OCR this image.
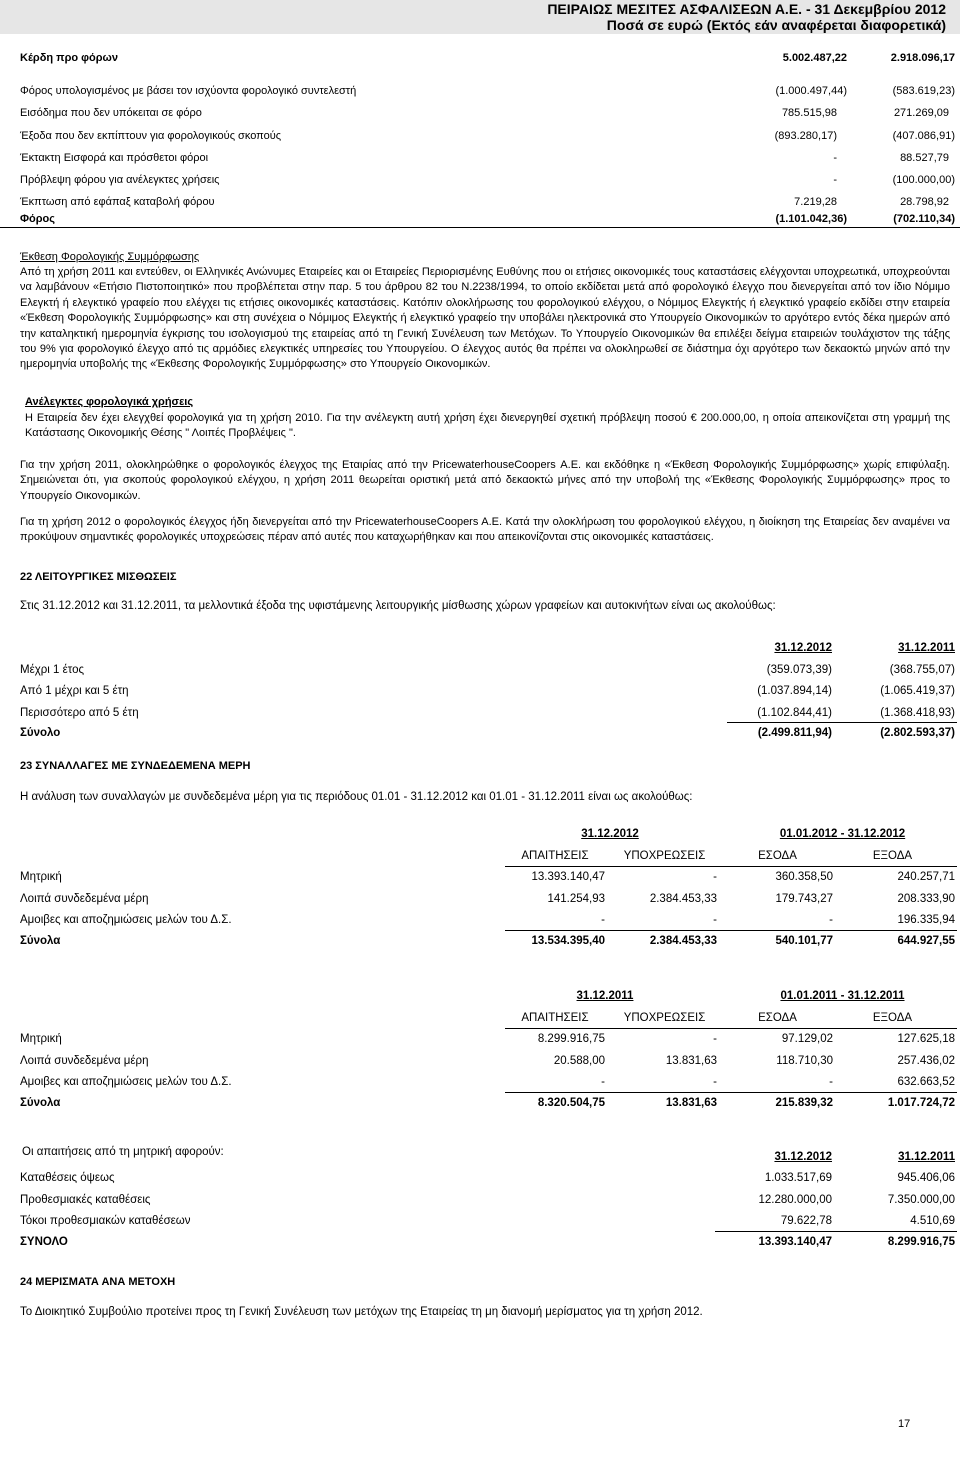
ΠΕΙΡΑΙΩΣ ΜΕΣΙΤΕΣ ΑΣΦΑΛΙΣΕΩΝ Α.Ε. - 31 Δεκεμβρίου 2012
Ποσά σε ευρώ (Εκτός εάν αναφέρεται διαφορετικά)
Κέρδη προ φόρων	5.002.487,22	2.918.096,17
Φόρος υπολογισμένος με βάσει τον ισχύοντα φορολογικό συντελεστή	(1.000.497,44)	(583.619,23)
Εισόδημα που δεν υπόκειται σε φόρο	785.515,98	271.269,09
Έξοδα που δεν εκπίπτουν για φορολογικούς σκοπούς	(893.280,17)	(407.086,91)
Έκτακτη Εισφορά και πρόσθετοι φόροι	-	88.527,79
Πρόβλεψη φόρου για ανέλεγκτες χρήσεις	-	(100.000,00)
Έκπτωση από εφάπαξ καταβολή φόρου	7.219,28	28.798,92
Φόρος	(1.101.042,36)	(702.110,34)
Έκθεση Φορολογικής Συμμόρφωσης
Από τη χρήση 2011 και εντεύθεν, οι Ελληνικές Ανώνυμες Εταιρείες και οι Εταιρείες Περιορισμένης Ευθύνης που οι ετήσιες οικονομικές τους καταστάσεις ελέγχονται υποχρεωτικά, υποχρεούνται να λαμβάνουν «Ετήσιο Πιστοποιητικό» που προβλέπεται στην παρ. 5 του άρθρου 82 του Ν.2238/1994, το οποίο εκδίδεται μετά από φορολογικό έλεγχο που διενεργείται από τον ίδιο Νόμιμο Ελεγκτή ή ελεγκτικό γραφείο που ελέγχει τις ετήσιες οικονομικές καταστάσεις. Κατόπιν ολοκλήρωσης του φορολογικού ελέγχου, ο Νόμιμος Ελεγκτής ή ελεγκτικό γραφείο εκδίδει στην εταιρεία «Έκθεση Φορολογικής Συμμόρφωσης» και στη συνέχεια ο Νόμιμος Ελεγκτής ή ελεγκτικό γραφείο την υποβάλει ηλεκτρονικά στο Υπουργείο Οικονομικών το αργότερο εντός δέκα ημερών από την καταληκτική ημερομηνία έγκρισης του ισολογισμού της εταιρείας από τη Γενική Συνέλευση των Μετόχων. Το Υπουργείο Οικονομικών θα επιλέξει δείγμα εταιρειών τουλάχιστον της τάξης του 9% για φορολογικό έλεγχο από τις αρμόδιες ελεγκτικές υπηρεσίες του Υπουργείου. Ο έλεγχος αυτός θα πρέπει να ολοκληρωθεί σε διάστημα όχι αργότερο των δεκαοκτώ μηνών από την ημερομηνία υποβολής της «Έκθεσης Φορολογικής Συμμόρφωσης» στο Υπουργείο Οικονομικών.
Ανέλεγκτες φορολογικά χρήσεις
Η Εταιρεία δεν έχει ελεγχθεί φορολογικά για τη χρήση 2010. Για την ανέλεγκτη αυτή χρήση έχει διενεργηθεί σχετική πρόβλεψη ποσού € 200.000,00, η οποία απεικονίζεται στη γραμμή της Κατάστασης Οικονομικής Θέσης " Λοιπές Προβλέψεις ".
Για την χρήση 2011, ολοκληρώθηκε ο φορολογικός έλεγχος της Εταιρίας από την PricewaterhouseCoopers Α.Ε. και εκδόθηκε η «Έκθεση Φορολογικής Συμμόρφωσης» χωρίς επιφύλαξη. Σημειώνεται ότι, για σκοπούς φορολογικού ελέγχου, η χρήση 2011 θεωρείται οριστική μετά από δεκαοκτώ μήνες από την υποβολή της «Έκθεσης Φορολογικής Συμμόρφωσης» προς το Υπουργείο Οικονομικών.
Για τη χρήση 2012 ο φορολογικός έλεγχος ήδη διενεργείται από την PricewaterhouseCoopers A.E. Κατά την ολοκλήρωση του φορολογικού ελέγχου, η διοίκηση της Εταιρείας δεν αναμένει να προκύψουν σημαντικές φορολογικές υποχρεώσεις πέραν από αυτές που καταχωρήθηκαν και που απεικονίζονται στις οικονομικές καταστάσεις.
22 ΛΕΙΤΟΥΡΓΙΚΕΣ ΜΙΣΘΩΣΕΙΣ
Στις 31.12.2012 και 31.12.2011, τα μελλοντικά έξοδα της υφιστάμενης λειτουργικής μίσθωσης χώρων γραφείων και αυτοκινήτων είναι ως ακολούθως:
31.12.2012	31.12.2011
Μέχρι 1 έτος	(359.073,39)	(368.755,07)
Από 1 μέχρι και 5 έτη	(1.037.894,14)	(1.065.419,37)
Περισσότερο από 5 έτη	(1.102.844,41)	(1.368.418,93)
Σύνολο	(2.499.811,94)	(2.802.593,37)
23 ΣΥΝΑΛΛΑΓΕΣ ΜΕ ΣΥΝΔΕΔΕΜΕΝΑ ΜΕΡΗ
Η ανάλυση των συναλλαγών με συνδεδεμένα μέρη για τις περιόδους 01.01 - 31.12.2012 και 01.01 - 31.12.2011 είναι ως ακολούθως:
31.12.2012	01.01.2012 - 31.12.2012
ΑΠΑΙΤΗΣΕΙΣ	ΥΠΟΧΡΕΩΣΕΙΣ	ΕΣΟΔΑ	ΕΞΟΔΑ
Μητρική	13.393.140,47	-	360.358,50	240.257,71
Λοιπά συνδεδεμένα μέρη	141.254,93	2.384.453,33	179.743,27	208.333,90
Αμοιβες και αποζημιώσεις μελών του Δ.Σ.	-	-	-	196.335,94
Σύνολα	13.534.395,40	2.384.453,33	540.101,77	644.927,55
31.12.2011	01.01.2011 - 31.12.2011
ΑΠΑΙΤΗΣΕΙΣ	ΥΠΟΧΡΕΩΣΕΙΣ	ΕΣΟΔΑ	ΕΞΟΔΑ
Μητρική	8.299.916,75	-	97.129,02	127.625,18
Λοιπά συνδεδεμένα μέρη	20.588,00	13.831,63	118.710,30	257.436,02
Αμοιβες και αποζημιώσεις μελών του Δ.Σ.	-	-	-	632.663,52
Σύνολα	8.320.504,75	13.831,63	215.839,32	1.017.724,72
Οι απαιτήσεις από τη μητρική αφορούν:	31.12.2012	31.12.2011
Καταθέσεις όψεως	1.033.517,69	945.406,06
Προθεσμιακές καταθέσεις	12.280.000,00	7.350.000,00
Τόκοι προθεσμιακών καταθέσεων	79.622,78	4.510,69
ΣΥΝΟΛΟ	13.393.140,47	8.299.916,75
24 ΜΕΡΙΣΜΑΤΑ ΑΝΑ ΜΕΤΟΧΗ
Το Διοικητικό Συμβούλιο προτείνει προς τη Γενική Συνέλευση των μετόχων της Εταιρείας τη μη διανομή μερίσματος για τη χρήση 2012.
17
